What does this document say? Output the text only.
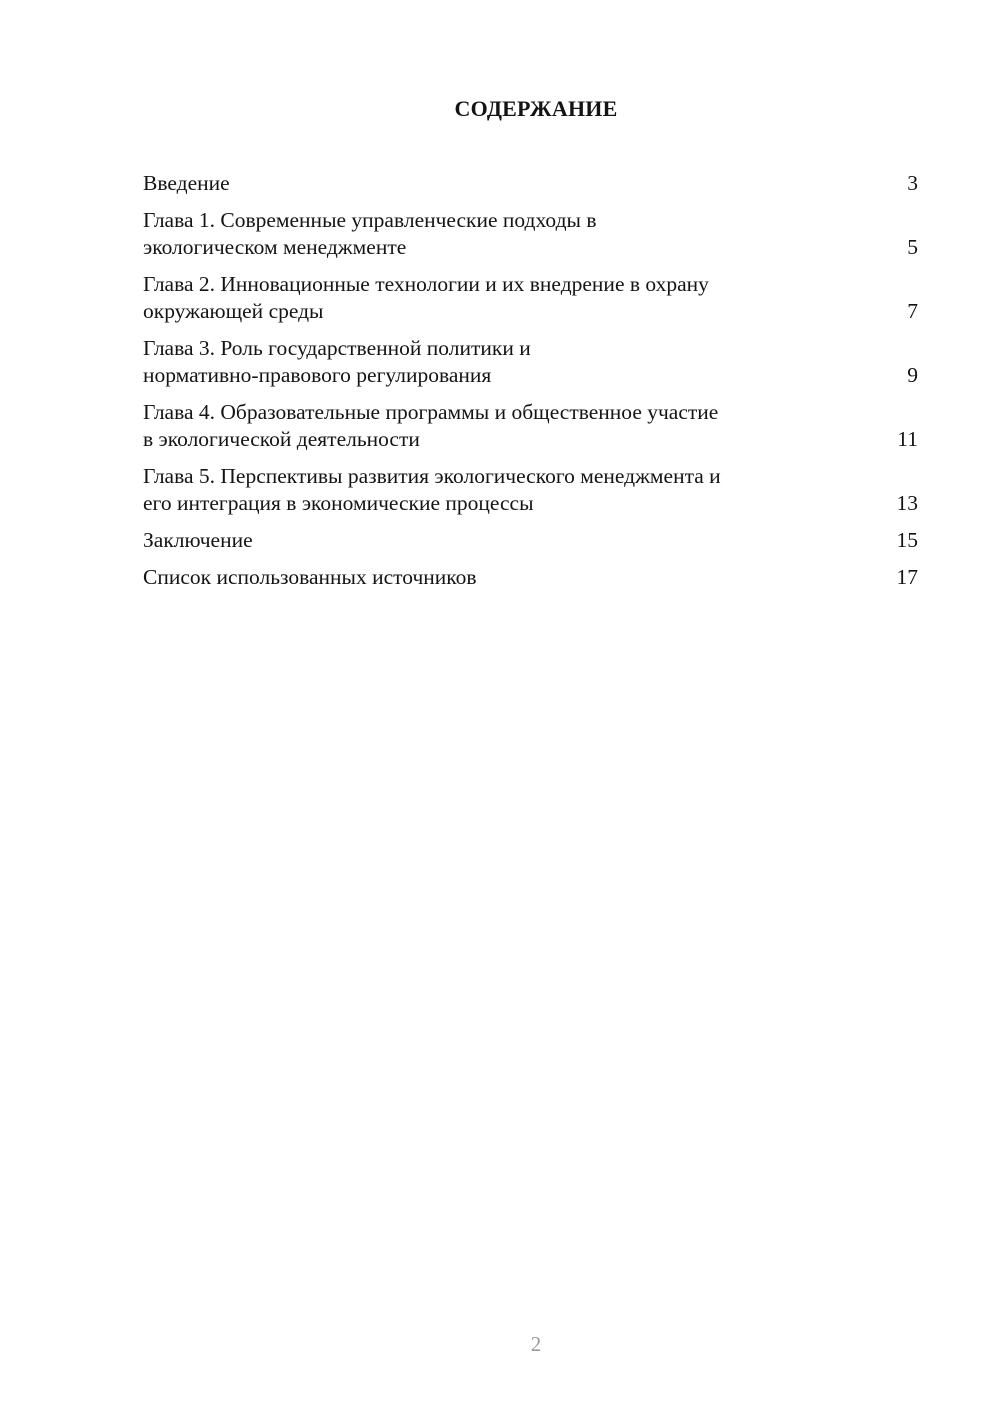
СОДЕРЖАНИЕ
Введение	3
Глава 1. Современные управленческие подходы в
экологическом менеджменте	5
Глава 2. Инновационные технологии и их внедрение в охрану
окружающей среды	7
Глава 3. Роль государственной политики и
нормативно-правового регулирования	9
Глава 4. Образовательные программы и общественное участие
в экологической деятельности	11
Глава 5. Перспективы развития экологического менеджмента и
его интеграция в экономические процессы	13
Заключение	15
Список использованных источников	17
2
